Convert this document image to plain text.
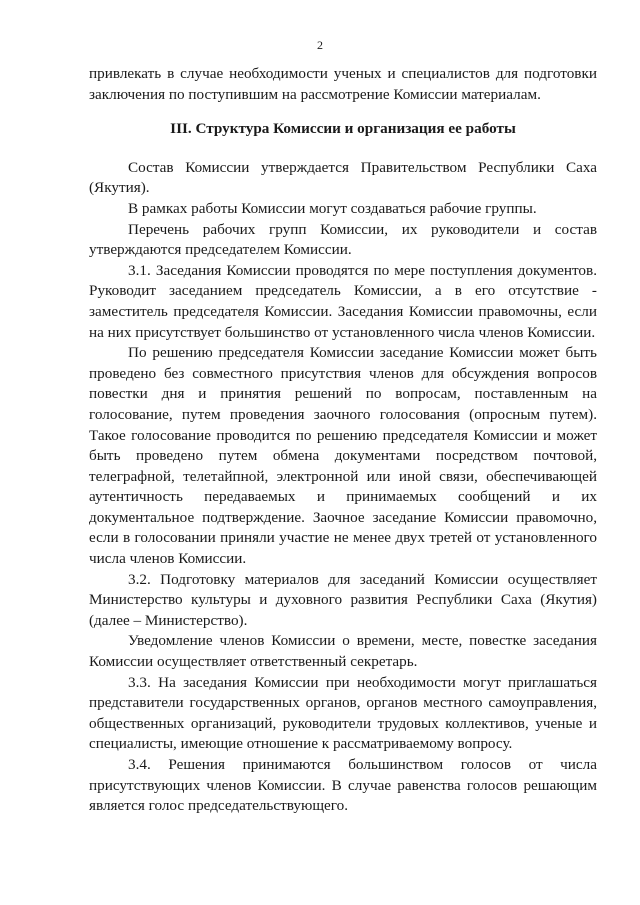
2

привлекать в случае необходимости ученых и специалистов для подготовки заключения по поступившим на рассмотрение Комиссии материалам.

III. Структура Комиссии и организация ее работы

Состав Комиссии утверждается Правительством Республики Саха (Якутия).

В рамках работы Комиссии могут создаваться рабочие группы.

Перечень рабочих групп Комиссии, их руководители и состав утверждаются председателем Комиссии.

3.1. Заседания Комиссии проводятся по мере поступления документов. Руководит заседанием председатель Комиссии, а в его отсутствие - заместитель председателя Комиссии. Заседания Комиссии правомочны, если на них присутствует большинство от установленного числа членов Комиссии.

По решению председателя Комиссии заседание Комиссии может быть проведено без совместного присутствия членов для обсуждения вопросов повестки дня и принятия решений по вопросам, поставленным на голосование, путем проведения заочного голосования (опросным путем). Такое голосование проводится по решению председателя Комиссии и может быть проведено путем обмена документами посредством почтовой, телеграфной, телетайпной, электронной или иной связи, обеспечивающей аутентичность передаваемых и принимаемых сообщений и их документальное подтверждение. Заочное заседание Комиссии правомочно, если в голосовании приняли участие не менее двух третей от установленного числа членов Комиссии.

3.2. Подготовку материалов для заседаний Комиссии осуществляет Министерство культуры и духовного развития Республики Саха (Якутия) (далее – Министерство).

Уведомление членов Комиссии о времени, месте, повестке заседания Комиссии осуществляет ответственный секретарь.

3.3. На заседания Комиссии при необходимости могут приглашаться представители государственных органов, органов местного самоуправления, общественных организаций, руководители трудовых коллективов, ученые и специалисты, имеющие отношение к рассматриваемому вопросу.

3.4. Решения принимаются большинством голосов от числа присутствующих членов Комиссии. В случае равенства голосов решающим является голос председательствующего.
